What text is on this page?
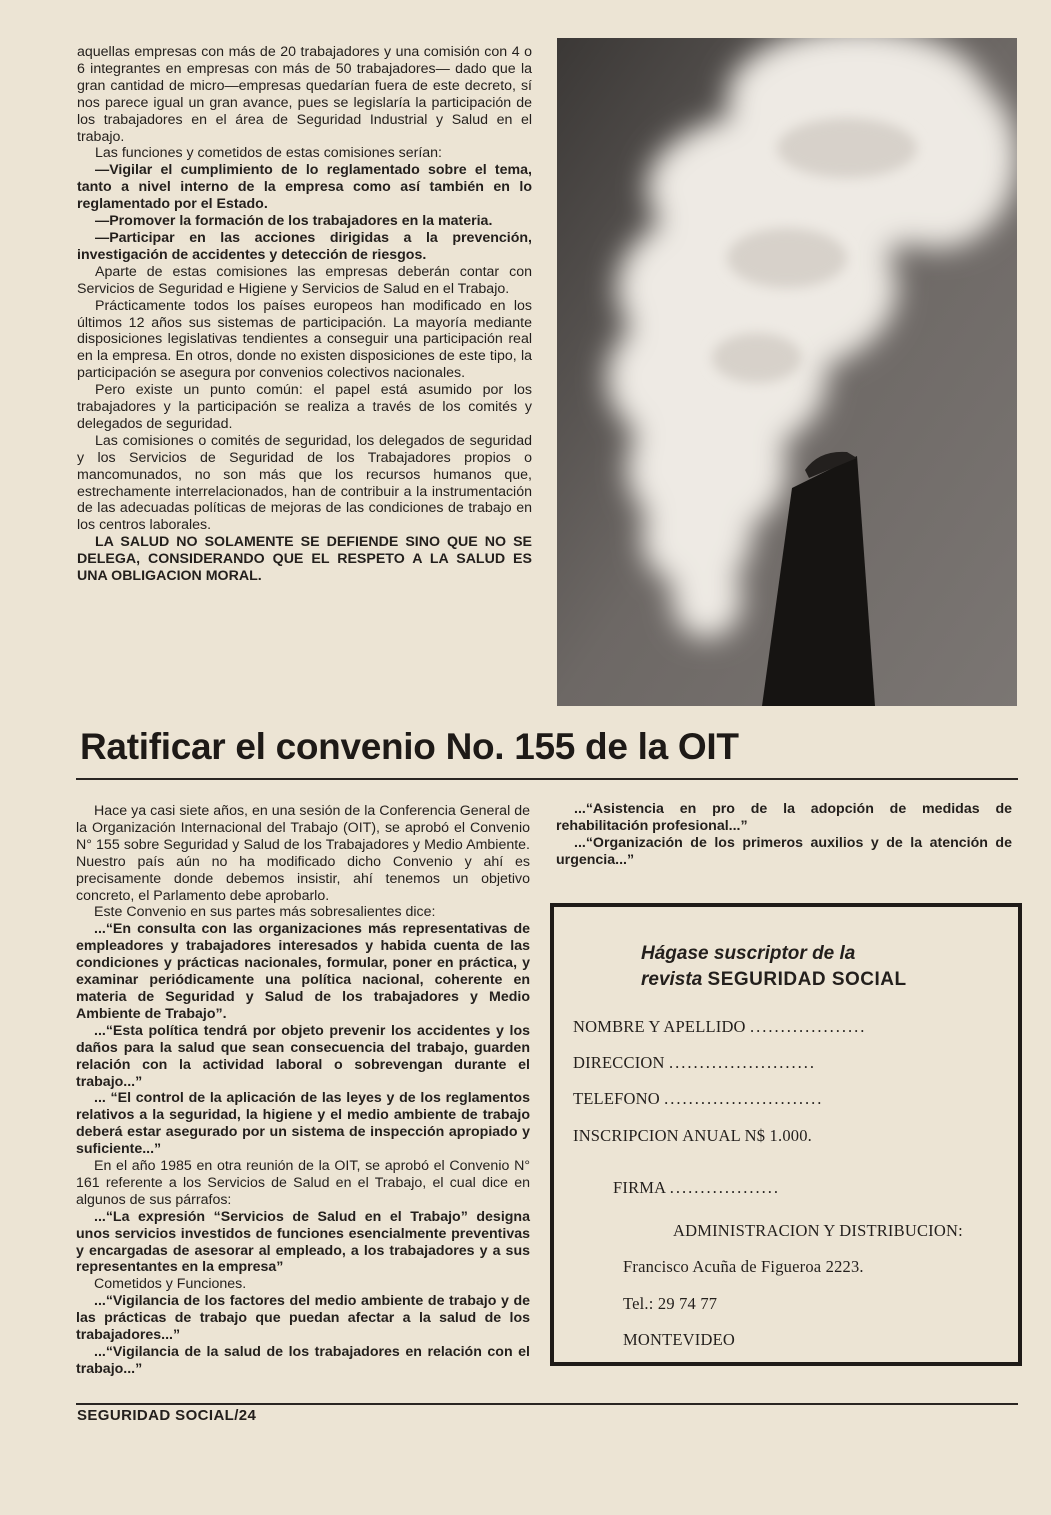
aquellas empresas con más de 20 trabajadores y una comisión con 4 o 6 integrantes en empresas con más de 50 trabajadores— dado que la gran cantidad de micro—empresas quedarían fuera de este decreto, sí nos parece igual un gran avance, pues se legislaría la participación de los trabajadores en el área de Seguridad Industrial y Salud en el trabajo.

Las funciones y cometidos de estas comisiones serían:

—Vigilar el cumplimiento de lo reglamentado sobre el tema, tanto a nivel interno de la empresa como así también en lo reglamentado por el Estado.

—Promover la formación de los trabajadores en la materia.

—Participar en las acciones dirigidas a la prevención, investigación de accidentes y detección de riesgos.

Aparte de estas comisiones las empresas deberán contar con Servicios de Seguridad e Higiene y Servicios de Salud en el Trabajo.

Prácticamente todos los países europeos han modificado en los últimos 12 años sus sistemas de participación. La mayoría mediante disposiciones legislativas tendientes a conseguir una participación real en la empresa. En otros, donde no existen disposiciones de este tipo, la participación se asegura por convenios colectivos nacionales.

Pero existe un punto común: el papel está asumido por los trabajadores y la participación se realiza a través de los comités y delegados de seguridad.

Las comisiones o comités de seguridad, los delegados de seguridad y los Servicios de Seguridad de los Trabajadores propios o mancomunados, no son más que los recursos humanos que, estrechamente interrelacionados, han de contribuir a la instrumentación de las adecuadas políticas de mejoras de las condiciones de trabajo en los centros laborales.

LA SALUD NO SOLAMENTE SE DEFIENDE SINO QUE NO SE DELEGA, CONSIDERANDO QUE EL RESPETO A LA SALUD ES UNA OBLIGACION MORAL.

Ratificar el convenio No. 155 de la OIT

Hace ya casi siete años, en una sesión de la Conferencia General de la Organización Internacional del Trabajo (OIT), se aprobó el Convenio N° 155 sobre Seguridad y Salud de los Trabajadores y Medio Ambiente. Nuestro país aún no ha modificado dicho Convenio y ahí es precisamente donde debemos insistir, ahí tenemos un objetivo concreto, el Parlamento debe aprobarlo.

Este Convenio en sus partes más sobresalientes dice:

...“En consulta con las organizaciones más representativas de empleadores y trabajadores interesados y habida cuenta de las condiciones y prácticas nacionales, formular, poner en práctica, y examinar periódicamente una política nacional, coherente en materia de Seguridad y Salud de los trabajadores y Medio Ambiente de Trabajo”.

...“Esta política tendrá por objeto prevenir los accidentes y los daños para la salud que sean consecuencia del trabajo, guarden relación con la actividad laboral o sobrevengan durante el trabajo...”

... “El control de la aplicación de las leyes y de los reglamentos relativos a la seguridad, la higiene y el medio ambiente de trabajo deberá estar asegurado por un sistema de inspección apropiado y suficiente...”

En el año 1985 en otra reunión de la OIT, se aprobó el Convenio N° 161 referente a los Servicios de Salud en el Trabajo, el cual dice en algunos de sus párrafos:

...“La expresión “Servicios de Salud en el Trabajo” designa unos servicios investidos de funciones esencialmente preventivas y encargadas de asesorar al empleado, a los trabajadores y a sus representantes en la empresa”

Cometidos y Funciones.

...“Vigilancia de los factores del medio ambiente de trabajo y de las prácticas de trabajo que puedan afectar a la salud de los trabajadores...”

...“Vigilancia de la salud de los trabajadores en relación con el trabajo...”

...“Asistencia en pro de la adopción de medidas de rehabilitación profesional...”

...“Organización de los primeros auxilios y de la atención de urgencia...”

Hágase suscriptor de la
revista SEGURIDAD SOCIAL
NOMBRE Y APELLIDO ...................
DIRECCION ........................
TELEFONO ..........................
INSCRIPCION ANUAL N$ 1.000.
FIRMA ..................
ADMINISTRACION Y DISTRIBUCION:
Francisco Acuña de Figueroa 2223.
Tel.: 29 74 77
MONTEVIDEO
SEGURIDAD SOCIAL/24
